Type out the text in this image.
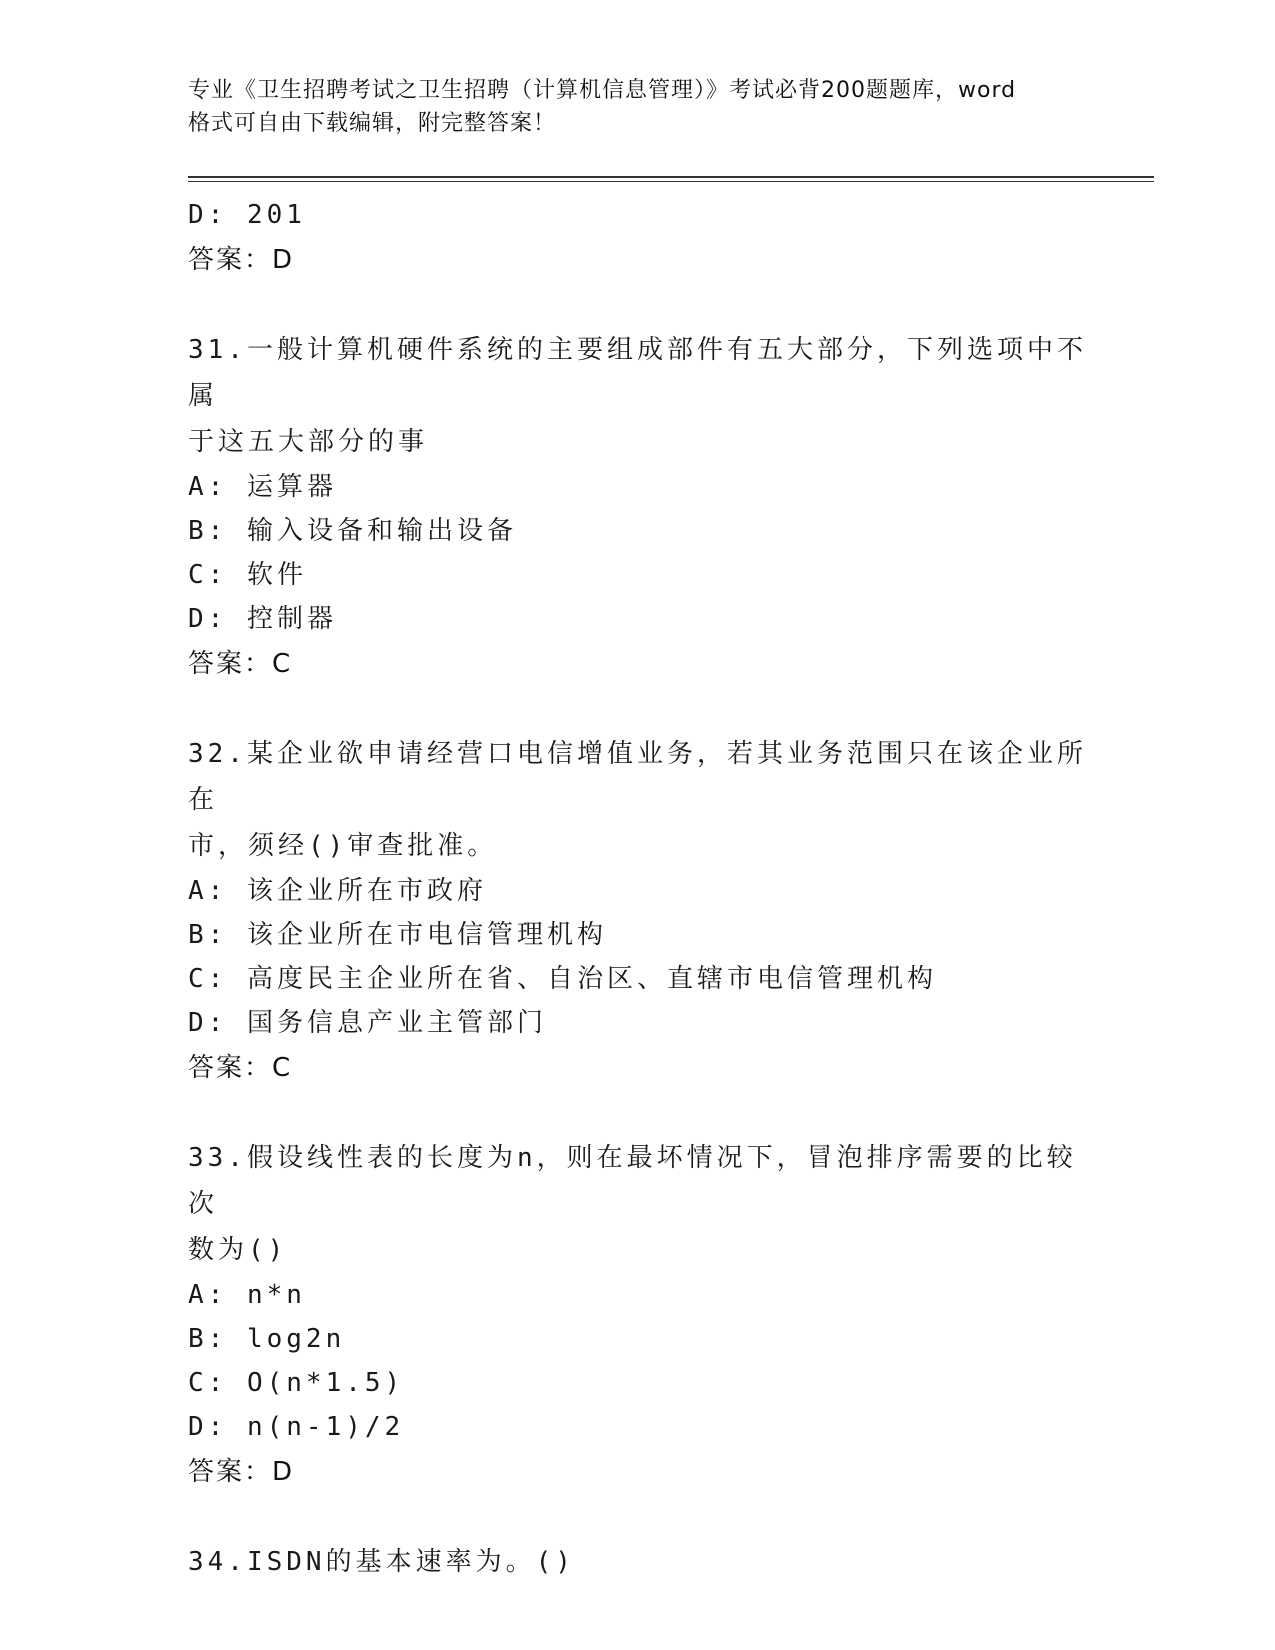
专业《卫生招聘考试之卫生招聘（计算机信息管理）》考试必背200题题库，word
格式可自由下载编辑，附完整答案！
D: 201
答案：D
31.一般计算机硬件系统的主要组成部件有五大部分，下列选项中不属
于这五大部分的事
A: 运算器
B: 输入设备和输出设备
C: 软件
D: 控制器
答案：C
32.某企业欲申请经营口电信增值业务，若其业务范围只在该企业所在
市，须经()审查批准。
A: 该企业所在市政府
B: 该企业所在市电信管理机构
C: 高度民主企业所在省、自治区、直辖市电信管理机构
D: 国务信息产业主管部门
答案：C
33.假设线性表的长度为n，则在最坏情况下，冒泡排序需要的比较次
数为()
A: n*n
B: log2n
C: O(n*1.5)
D: n(n-1)/2
答案：D
34.ISDN的基本速率为。()
